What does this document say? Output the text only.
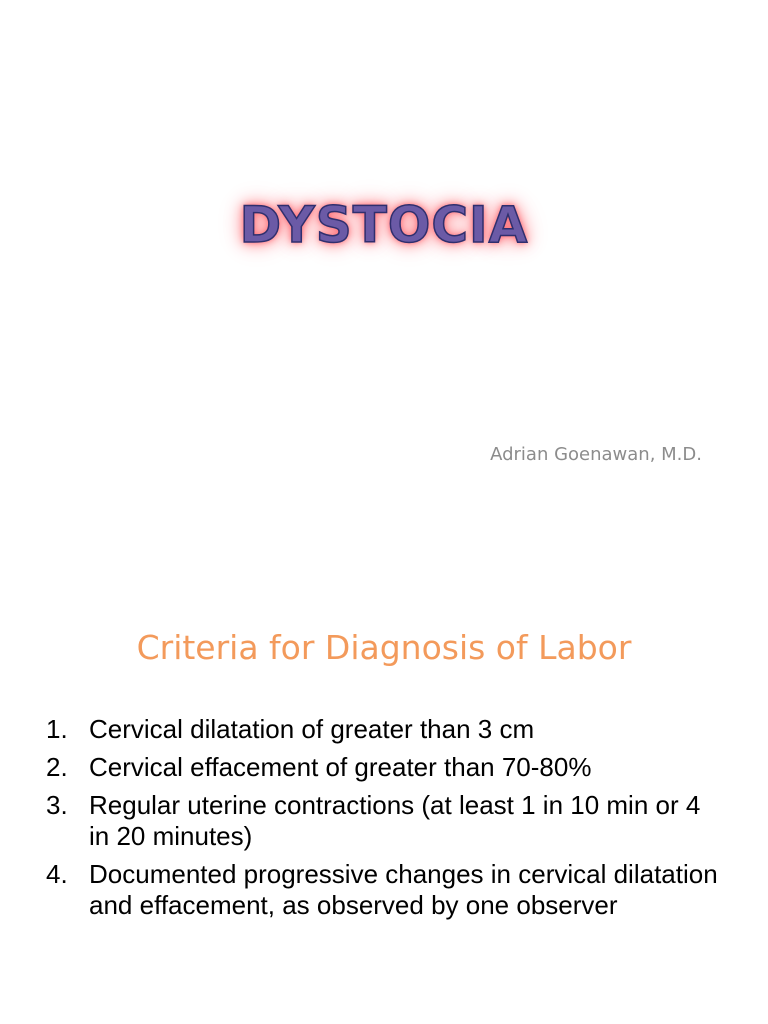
DYSTOCIA
Adrian Goenawan, M.D.
Criteria for Diagnosis of Labor
1. Cervical dilatation of greater than 3 cm
2. Cervical effacement of greater than 70-80%
3. Regular uterine contractions (at least 1 in 10 min or 4 in 20 minutes)
4. Documented progressive changes in cervical dilatation and effacement, as observed by one observer
